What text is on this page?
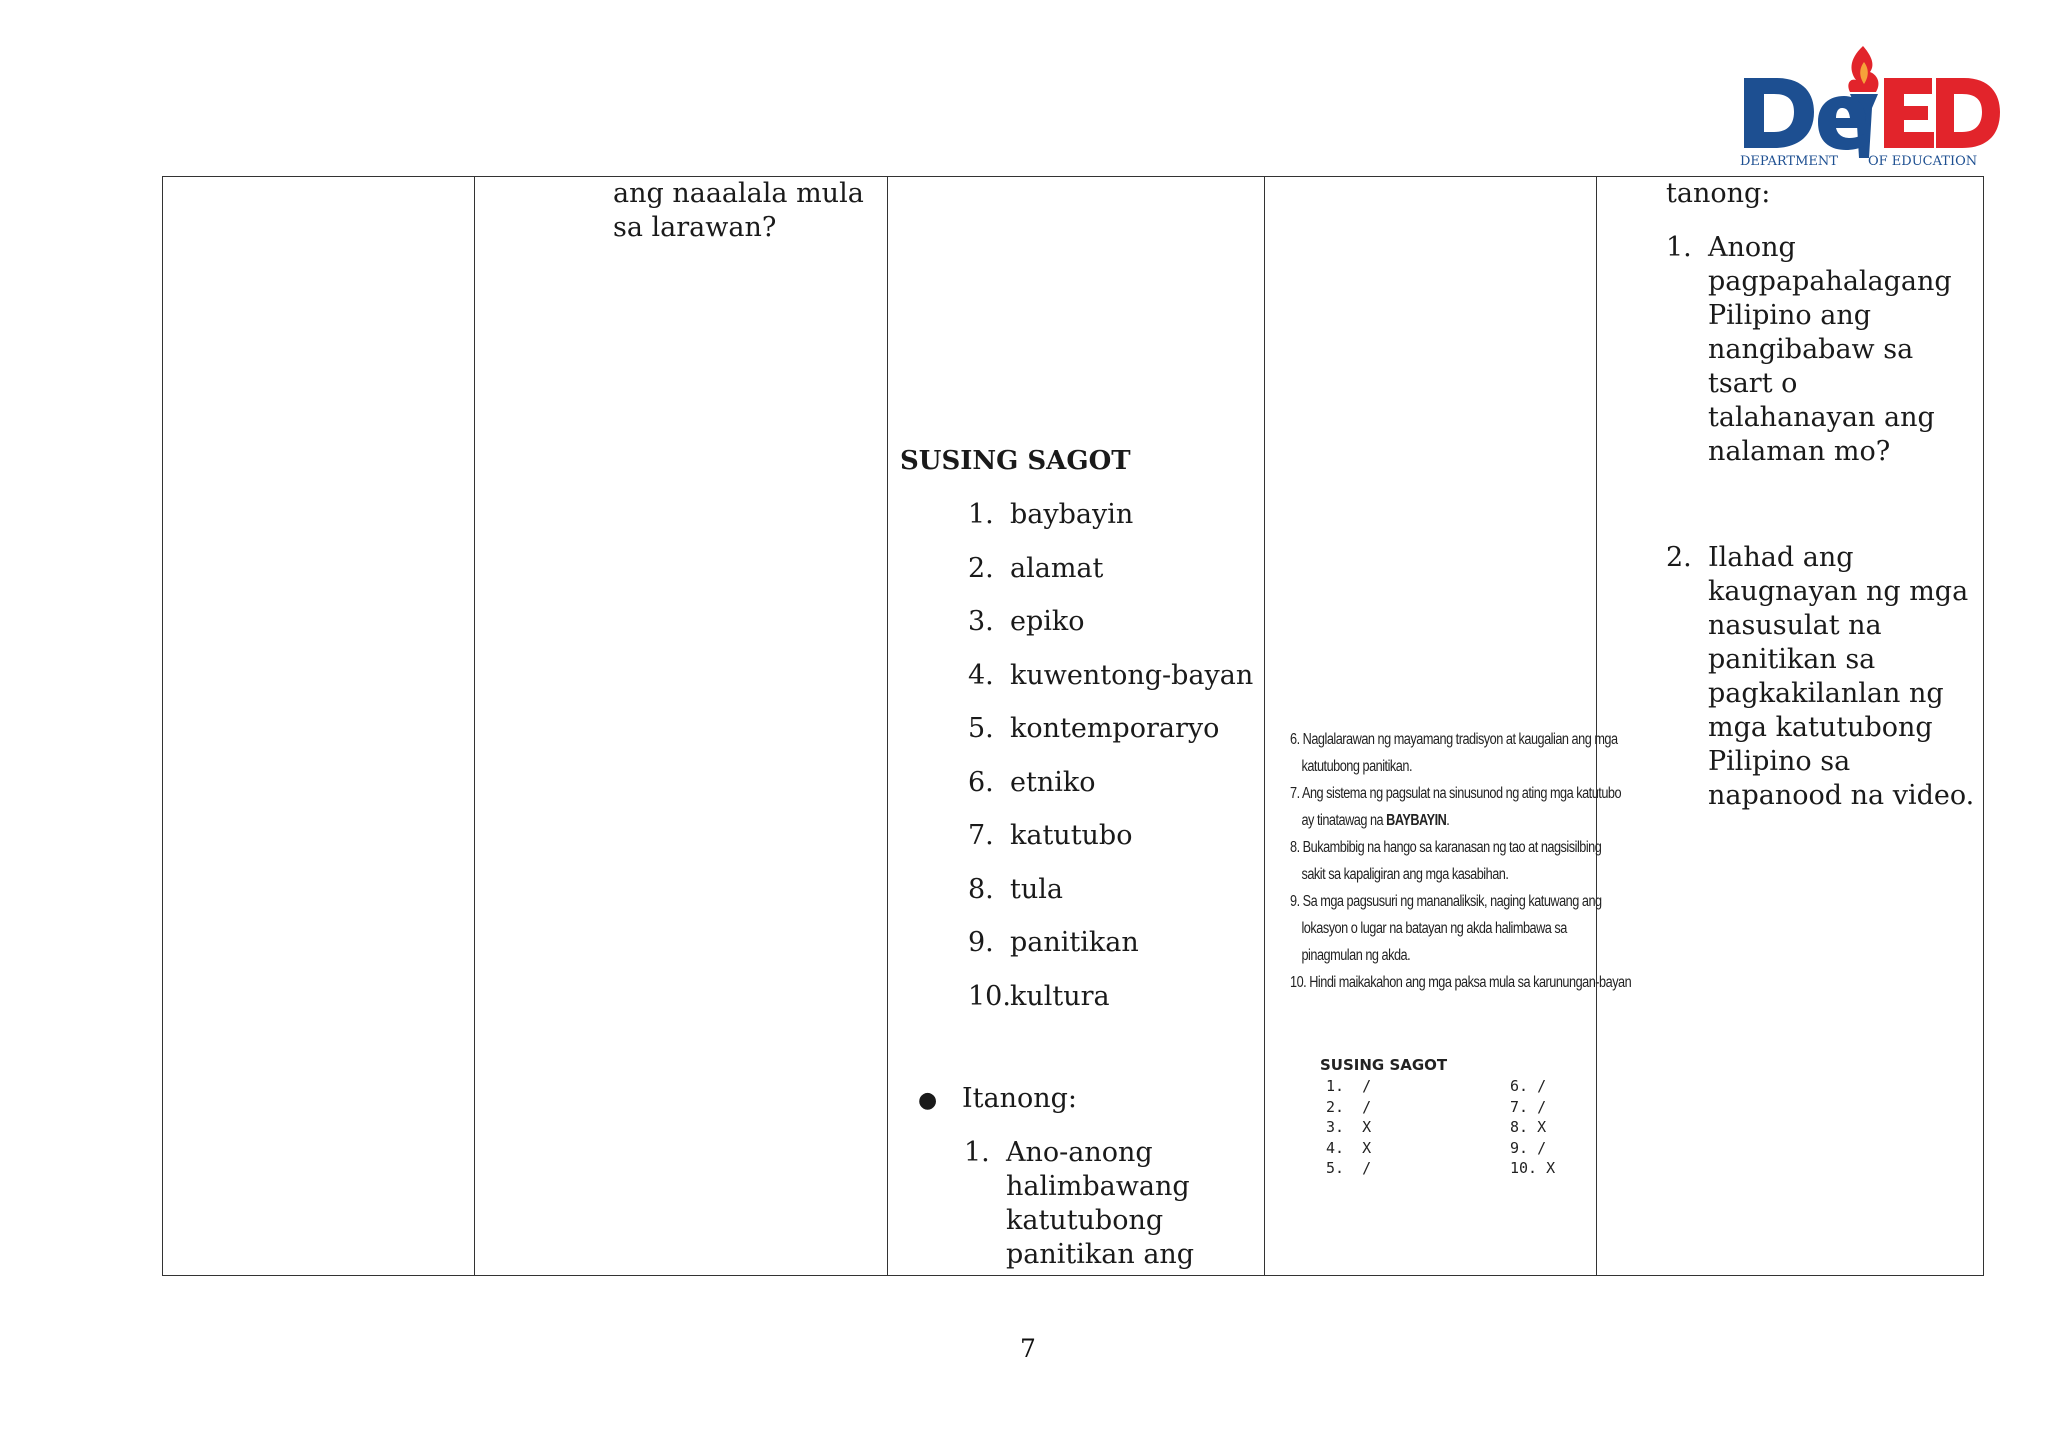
DEPARTMENT OF EDUCATION
ang naaalala mula
sa larawan?
SUSING SAGOT
1. baybayin
2. alamat
3. epiko
4. kuwentong-bayan
5. kontemporaryo
6. etniko
7. katutubo
8. tula
9. panitikan
10. kultura
● Itanong:
1. Ano-anong
halimbawang
katutubong
panitikan ang
6. Naglalarawan ng mayamang tradisyon at kaugalian ang mga
katutubong panitikan.
7. Ang sistema ng pagsulat na sinusunod ng ating mga katutubo
ay tinatawag na BAYBAYIN.
8. Bukambibig na hango sa karanasan ng tao at nagsisilbing
sakit sa kapaligiran ang mga kasabihan.
9. Sa mga pagsusuri ng mananaliksik, naging katuwang ang
lokasyon o lugar na batayan ng akda halimbawa sa
pinagmulan ng akda.
10. Hindi maikakahon ang mga paksa mula sa karunungan-bayan
SUSING SAGOT
1.  /
2.  /
3.  X
4.  X
5.  /
6. /
7. /
8. X
9. /
10. X
tanong:
1. Anong
pagpapahalagang
Pilipino ang
nangibabaw sa
tsart o
talahanayan ang
nalaman mo?
2. Ilahad ang
kaugnayan ng mga
nasusulat na
panitikan sa
pagkakilanlan ng
mga katutubong
Pilipino sa
napanood na video.
7
